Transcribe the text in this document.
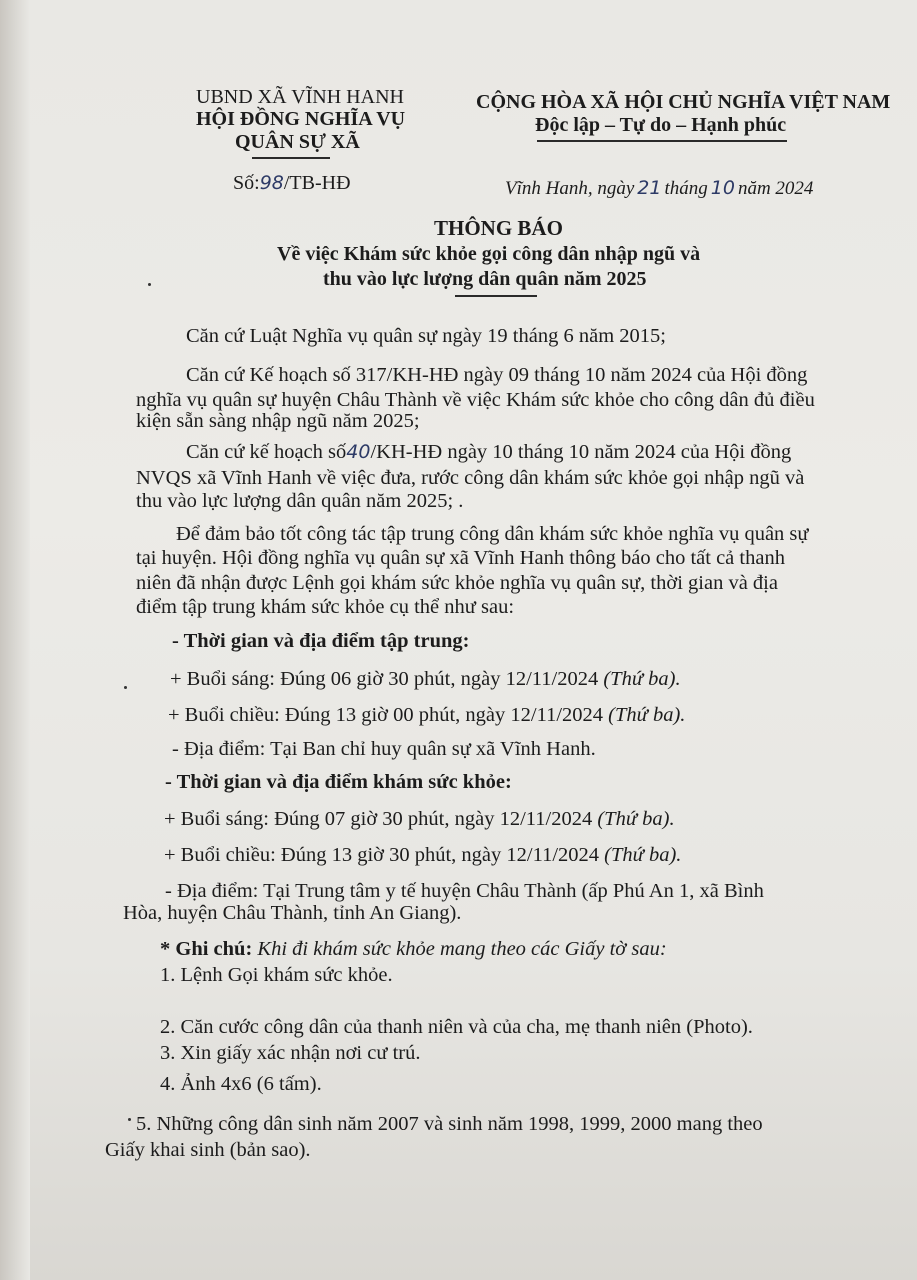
UBND XÃ VĨNH HANH
HỘI ĐỒNG NGHĨA VỤ
QUÂN SỰ XÃ
Số:98/TB-HĐ
CỘNG HÒA XÃ HỘI CHỦ NGHĨA VIỆT NAM
Độc lập – Tự do – Hạnh phúc
Vĩnh Hanh, ngày 21 tháng 10 năm 2024
THÔNG BÁO
Về việc Khám sức khỏe gọi công dân nhập ngũ và
thu vào lực lượng dân quân năm 2025
Căn cứ Luật Nghĩa vụ quân sự ngày 19 tháng 6 năm 2015;
Căn cứ Kế hoạch số 317/KH-HĐ ngày 09 tháng 10 năm 2024 của Hội đồng
nghĩa vụ quân sự huyện Châu Thành về việc Khám sức khỏe cho công dân đủ điều
kiện sẵn sàng nhập ngũ năm 2025;
Căn cứ kế hoạch số40/KH-HĐ ngày 10 tháng 10 năm 2024 của Hội đồng
NVQS xã Vĩnh Hanh về việc đưa, rước công dân khám sức khỏe gọi nhập ngũ và
thu vào lực lượng dân quân năm 2025; .
Để đảm bảo tốt công tác tập trung công dân khám sức khỏe nghĩa vụ quân sự
tại huyện. Hội đồng nghĩa vụ quân sự xã Vĩnh Hanh thông báo cho tất cả thanh
niên đã nhận được Lệnh gọi khám sức khỏe nghĩa vụ quân sự, thời gian và địa
điểm tập trung khám sức khỏe cụ thể như sau:
- Thời gian và địa điểm tập trung:
+ Buổi sáng: Đúng 06 giờ 30 phút, ngày 12/11/2024 (Thứ ba).
+ Buổi chiều: Đúng 13 giờ 00 phút, ngày 12/11/2024 (Thứ ba).
- Địa điểm: Tại Ban chỉ huy quân sự xã Vĩnh Hanh.
- Thời gian và địa điểm khám sức khỏe:
+ Buổi sáng: Đúng 07 giờ 30 phút, ngày 12/11/2024 (Thứ ba).
+ Buổi chiều: Đúng 13 giờ 30 phút, ngày 12/11/2024 (Thứ ba).
- Địa điểm: Tại Trung tâm y tế huyện Châu Thành (ấp Phú An 1, xã Bình
Hòa, huyện Châu Thành, tỉnh An Giang).
* Ghi chú: Khi đi khám sức khỏe mang theo các Giấy tờ sau:
1. Lệnh Gọi khám sức khỏe.
2. Căn cước công dân của thanh niên và của cha, mẹ thanh niên (Photo).
3. Xin giấy xác nhận nơi cư trú.
4. Ảnh 4x6 (6 tấm).
5. Những công dân sinh năm 2007 và sinh năm 1998, 1999, 2000 mang theo
Giấy khai sinh (bản sao).
